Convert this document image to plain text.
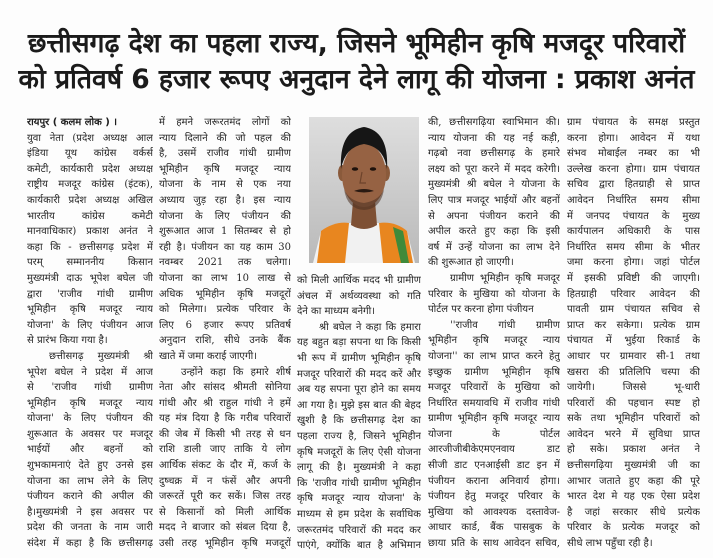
छत्तीसगढ़ देश का पहला राज्य, जिसने भूमिहीन कृषि मजदूर परिवारों
को प्रतिवर्ष 6 हजार रूपए अनुदान देने लागू की योजना : प्रकाश अनंत
रायपुर ( कलम लोक ) ।
युवा नेता (प्रदेश अध्यक्ष आल
इंडिया यूथ कांग्रेस वर्कर्स
कमेटी, कार्यकारी प्रदेश अध्यक्ष
राष्ट्रीय मजदूर कांग्रेस (इंटक),
कार्यकारी प्रदेश अध्यक्ष अखिल
भारतीय कांग्रेस कमेटी
मानवाधिकार) प्रकाश अनंत ने
कहा कि - छत्तीसगढ़ प्रदेश में
परम् सम्माननीय किसान
मुख्यमंत्री दाऊ भूपेश बघेल जी
द्वारा 'राजीव गांधी ग्रामीण
भूमिहीन कृषि मजदूर न्याय
योजना' के लिए पंजीयन आज
से प्रारंभ किया गया है।
छत्तीसगढ़ मुख्यमंत्री श्री
भूपेश बघेल ने प्रदेश में आज
से 'राजीव गांधी ग्रामीण
भूमिहीन कृषि मजदूर न्याय
योजना' के लिए पंजीयन की
शुरूआत के अवसर पर मजदूर
भाईयों और बहनों को
शुभकामनाएं देते हुए उनसे इस
योजना का लाभ लेने के लिए
पंजीयन कराने की अपील की
है।मुख्यमंत्री ने इस अवसर पर
प्रदेश की जनता के नाम जारी
संदेश में कहा है कि छत्तीसगढ़
में हमने जरूरतमंद लोगों को
न्याय दिलाने की जो पहल की
है, उसमें राजीव गांधी ग्रामीण
भूमिहीन कृषि मजदूर न्याय
योजना के नाम से एक नया
अध्याय जुड़ रहा है। इस न्याय
योजना के लिए पंजीयन की
शुरूआत आज 1 सितम्बर से हो
रही है। पंजीयन का यह काम 30
नवम्बर 2021 तक चलेगा।
योजना का लाभ 10 लाख से
अधिक भूमिहीन कृषि मजदूरों
को मिलेगा। प्रत्येक परिवार के
लिए 6 हजार रूपए प्रतिवर्ष
अनुदान राशि, सीधे उनके बैंक
खाते में जमा कराई जाएगी।
उन्होंने कहा कि हमारे शीर्ष
नेता और सांसद श्रीमती सोनिया
गांधी और श्री राहुल गांधी ने हमें
यह मंत्र दिया है कि गरीब परिवारों
की जेब में किसी भी तरह से धन
राशि डाली जाए ताकि ये लोग
आर्थिक संकट के दौर में, कर्ज के
दुष्चक्र में न फंसें और अपनी
जरूरतें पूरी कर सकें। जिस तरह
से किसानों को मिली आर्थिक
मदद ने बाजार को संबल दिया है,
उसी तरह भूमिहीन कृषि मजदूरों
को मिली आर्थिक मदद भी ग्रामीण
अंचल में अर्थव्यवस्था को गति
देने का माध्यम बनेगी।
श्री बघेल ने कहा कि हमारा
यह बहुत बड़ा सपना था कि किसी
भी रूप में ग्रामीण भूमिहीन कृषि
मजदूर परिवारों की मदद करें और
अब यह सपना पूरा होने का समय
आ गया है। मुझे इस बात की बेहद
खुशी है कि छत्तीसगढ़ देश का
पहला राज्य है, जिसने भूमिहीन
कृषि मजदूरों के लिए ऐसी योजना
लागू की है। मुख्यमंत्री ने कहा
कि 'राजीव गांधी ग्रामीण भूमिहीन
कृषि मजदूर न्याय योजना' के
माध्यम से हम प्रदेश के सर्वाधिक
जरूरतमंद परिवारों की मदद कर
पाएंगे, क्योंकि बात है अभिमान
की, छत्तीसगढ़िया स्वाभिमान की।
न्याय योजना की यह नई कड़ी,
गढ़बो नवा छत्तीसगढ़ के हमारे
लक्ष्य को पूरा करने में मदद करेगी।
मुख्यमंत्री श्री बघेल ने योजना के
लिए पात्र मजदूर भाईयों और बहनों
से अपना पंजीयन कराने की
अपील करते हुए कहा कि इसी
वर्ष में उन्हें योजना का लाभ देने
की शुरूआत हो जाएगी।
ग्रामीण भूमिहीन कृषि मजदूर
परिवार के मुखिया को योजना के
पोर्टल पर करना होगा पंजीयन
''राजीव गांधी ग्रामीण
भूमिहीन कृषि मजदूर न्याय
योजना'' का लाभ प्राप्त करने हेतु
इच्छुक ग्रामीण भूमिहीन कृषि
मजदूर परिवारों के मुखिया को
निर्धारित समयावधि में राजीव गांधी
ग्रामीण भूमिहीन कृषि मजदूर न्याय
योजना के पोर्टल
आरजीजीबीकेएमएनवाय डाट
सीजी डाट एनआईसी डाट इन में
पंजीयन कराना अनिवार्य होगा।
पंजीयन हेतु मजदूर परिवार के
मुखिया को आवश्यक दस्तावेज-
आधार कार्ड, बैंक पासबुक के
छाया प्रति के साथ आवेदन सचिव,
ग्राम पंचायत के समक्ष प्रस्तुत
करना होगा। आवेदन में यथा
संभव मोबाईल नम्बर का भी
उल्लेख करना होगा। ग्राम पंचायत
सचिव द्वारा हितग्राही से प्राप्त
आवेदन निर्धारित समय सीमा
में जनपद पंचायत के मुख्य
कार्यपालन अधिकारी के पास
निर्धारित समय सीमा के भीतर
जमा करना होगा। जहां पोर्टल
में इसकी प्रविष्टी की जाएगी।
हितग्राही परिवार आवेदन की
पावती ग्राम पंचायत सचिव से
प्राप्त कर सकेगा। प्रत्येक ग्राम
पंचायत में भुईया रिकार्ड के
आधार पर ग्रामवार सी-1 तथा
खसरा की प्रतिलिपि चस्पा की
जायेगी। जिससे भू-धारी
परिवारों की पहचान स्पष्ट हो
सके तथा भूमिहीन परिवारों को
आवेदन भरने में सुविधा प्राप्त
हो सके। प्रकाश अनंत ने
छत्तीसगढ़िया मुख्यमंत्री जी का
आभार जताते हुए कहा की पूरे
भारत देश मे यह एक ऐसा प्रदेश
है जहां सरकार सीधे प्रत्येक
परिवार के प्रत्येक मजदूर को
सीधे लाभ पहुँचा रही है।
